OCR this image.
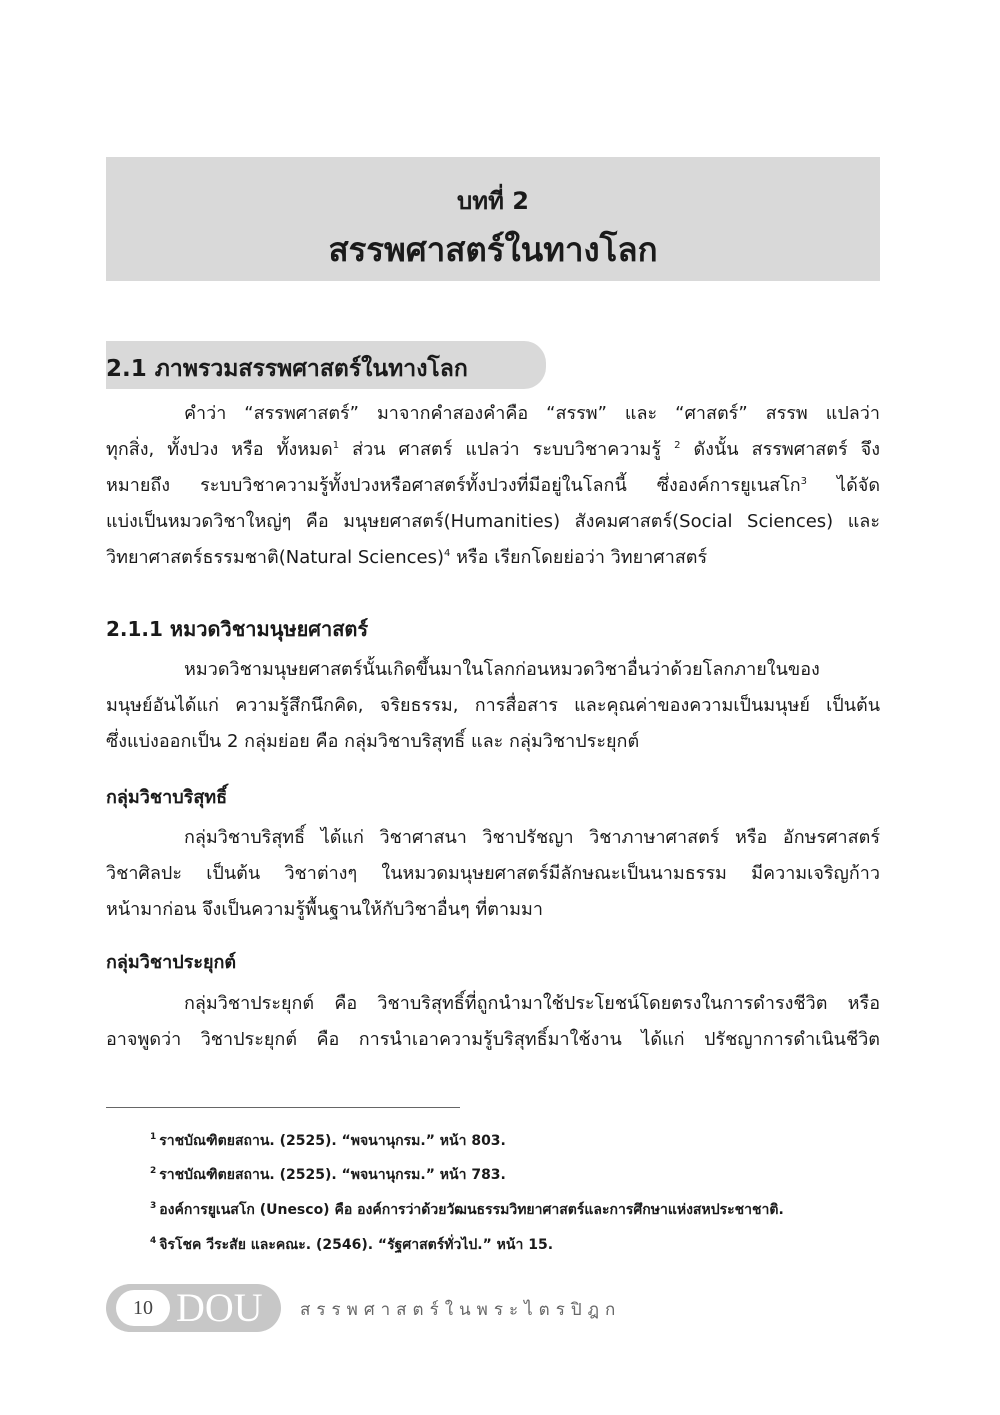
บทที่ 2
สรรพศาสตร์ในทางโลก
2.1 ภาพรวมสรรพศาสตร์ในทางโลก
คำว่า “สรรพศาสตร์” มาจากคำสองคำคือ “สรรพ” และ “ศาสตร์” สรรพ แปลว่า
ทุกสิ่ง, ทั้งปวง หรือ ทั้งหมด$^1$ ส่วน ศาสตร์ แปลว่า ระบบวิชาความรู้ $^2$ ดังนั้น สรรพศาสตร์ จึง
หมายถึง ระบบวิชาความรู้ทั้งปวงหรือศาสตร์ทั้งปวงที่มีอยู่ในโลกนี้ ซึ่งองค์การยูเนสโก$^3$ ได้จัด
แบ่งเป็นหมวดวิชาใหญ่ๆ คือ มนุษยศาสตร์(Humanities) สังคมศาสตร์(Social Sciences) และ
วิทยาศาสตร์ธรรมชาติ(Natural Sciences)$^4$ หรือ เรียกโดยย่อว่า วิทยาศาสตร์
2.1.1 หมวดวิชามนุษยศาสตร์
หมวดวิชามนุษยศาสตร์นั้นเกิดขึ้นมาในโลกก่อนหมวดวิชาอื่นว่าด้วยโลกภายในของ
มนุษย์อันได้แก่ ความรู้สึกนึกคิด, จริยธรรม, การสื่อสาร และคุณค่าของความเป็นมนุษย์ เป็นต้น
ซึ่งแบ่งออกเป็น 2 กลุ่มย่อย คือ กลุ่มวิชาบริสุทธิ์ และ กลุ่มวิชาประยุกต์
กลุ่มวิชาบริสุทธิ์
กลุ่มวิชาบริสุทธิ์ ได้แก่ วิชาศาสนา วิชาปรัชญา วิชาภาษาศาสตร์ หรือ อักษรศาสตร์
วิชาศิลปะ เป็นต้น วิชาต่างๆ ในหมวดมนุษยศาสตร์มีลักษณะเป็นนามธรรม มีความเจริญก้าว
หน้ามาก่อน จึงเป็นความรู้พื้นฐานให้กับวิชาอื่นๆ ที่ตามมา
กลุ่มวิชาประยุกต์
กลุ่มวิชาประยุกต์ คือ วิชาบริสุทธิ์ที่ถูกนำมาใช้ประโยชน์โดยตรงในการดำรงชีวิต หรือ
อาจพูดว่า วิชาประยุกต์ คือ การนำเอาความรู้บริสุทธิ์มาใช้งาน ได้แก่ ปรัชญาการดำเนินชีวิต
$^1$ ราชบัณฑิตยสถาน. (2525). “พจนานุกรม.” หน้า 803.
$^2$ ราชบัณฑิตยสถาน. (2525). “พจนานุกรม.” หน้า 783.
$^3$ องค์การยูเนสโก (Unesco) คือ องค์การว่าด้วยวัฒนธรรมวิทยาศาสตร์และการศึกษาแห่งสหประชาชาติ.
$^4$ จิรโชค วีระสัย และคณะ. (2546). “รัฐศาสตร์ทั่วไป.” หน้า 15.
10 DOU สรรพศาสตร์ในพระไตรปิฎก
